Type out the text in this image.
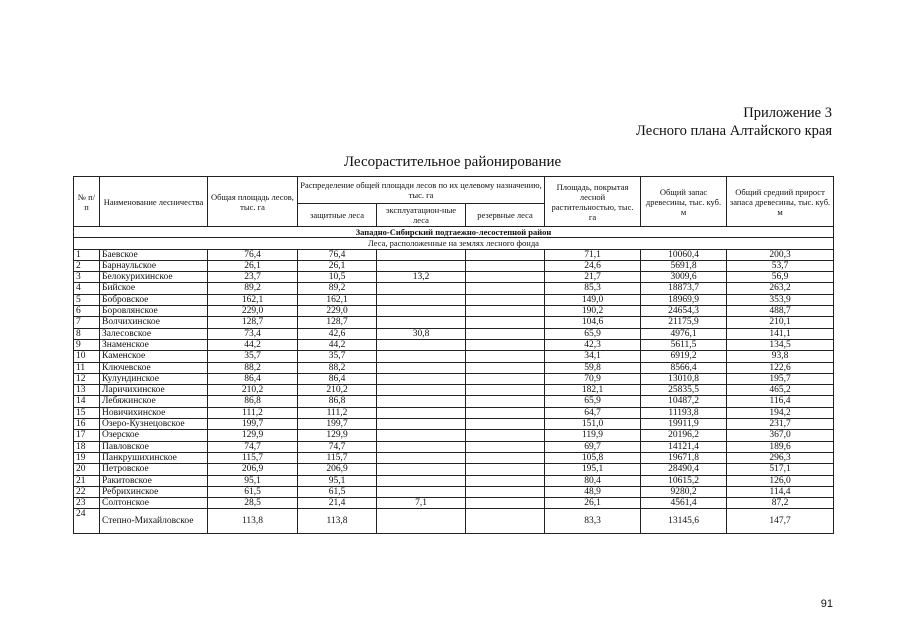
Приложение 3
Лесного плана Алтайского края
Лесорастительное районирование
№ п/п	Наименование лесничества	Общая площадь лесов, тыс. га	Распределение общей площади лесов по их целевому назначению, тыс. га			Площадь, покрытая лесной растительностью, тыс. га	Общий запас древесины, тыс. куб. м	Общий средний прирост запаса древесины, тыс. куб. м
			защитные леса	эксплуатацион-ные леса	резервные леса			
Западно-Сибирский подтаежно-лесостепной район								
Леса, расположенные на землях лесного фонда								
1	Баевское	76,4	76,4			71,1	10060,4	200,3
2	Барнаульское	26,1	26,1			24,6	5691,8	53,7
3	Белокурихинское	23,7	10,5	13,2		21,7	3009,6	56,9
4	Бийское	89,2	89,2			85,3	18873,7	263,2
5	Бобровское	162,1	162,1			149,0	18969,9	353,9
6	Боровлянское	229,0	229,0			190,2	24654,3	488,7
7	Волчихинское	128,7	128,7			104,6	21175,9	210,1
8	Залесовское	73,4	42,6	30,8		65,9	4976,1	141,1
9	Знаменское	44,2	44,2			42,3	5611,5	134,5
10	Каменское	35,7	35,7			34,1	6919,2	93,8
11	Ключевское	88,2	88,2			59,8	8566,4	122,6
12	Кулундинское	86,4	86,4			70,9	13010,8	195,7
13	Ларичихинское	210,2	210,2			182,1	25835,5	465,2
14	Лебяжинское	86,8	86,8			65,9	10487,2	116,4
15	Новичихинское	111,2	111,2			64,7	11193,8	194,2
16	Озеро-Кузнецовское	199,7	199,7			151,0	19911,9	231,7
17	Озерское	129,9	129,9			119,9	20196,2	367,0
18	Павловское	74,7	74,7			69,7	14121,4	189,6
19	Панкрушихинское	115,7	115,7			105,8	19671,8	296,3
20	Петровское	206,9	206,9			195,1	28490,4	517,1
21	Ракитовское	95,1	95,1			80,4	10615,2	126,0
22	Ребрихинское	61,5	61,5			48,9	9280,2	114,4
23	Солтонское	28,5	21,4	7,1		26,1	4561,4	87,2
24	Степно-Михайловское	113,8	113,8			83,3	13145,6	147,7
91
